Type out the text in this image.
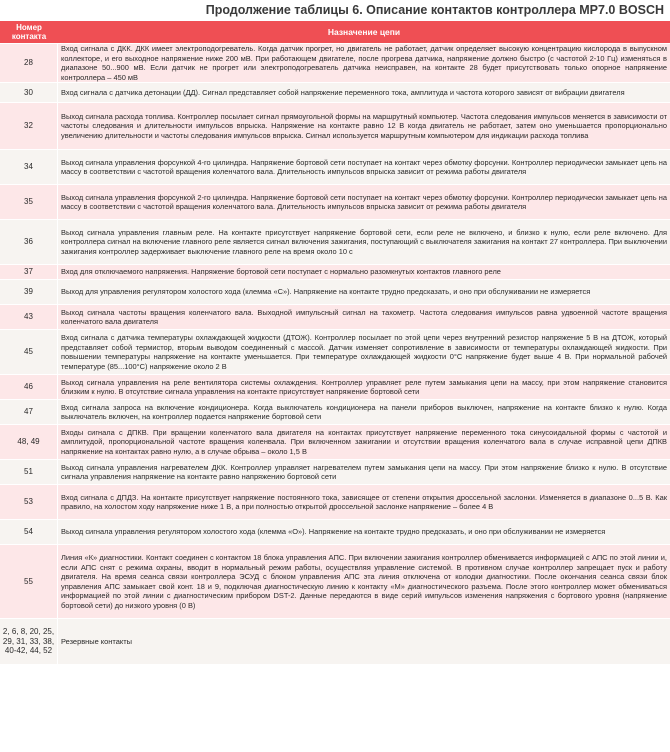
Продолжение таблицы 6. Описание контактов контроллера МР7.0 BOSCH
Номер контакта	Назначение цепи
28	Вход сигнала с ДКК. ДКК имеет электроподогреватель. Когда датчик прогрет, но двигатель не работает, датчик определяет высокую концентрацию кислорода в выпускном коллекторе, и его выходное напряжение ниже 200 мВ. При работающем двигателе, после прогрева датчика, напряжение должно быстро (с частотой 2-10 Гц) изменяться в диапазоне 50...900 мВ. Если датчик не прогрет или электроподогреватель датчика неисправен, на контакте 28 будет присутствовать только опорное напряжение контроллера – 450 мВ
30	Вход сигнала с датчика детонации (ДД). Сигнал представляет собой напряжение переменного тока, амплитуда и частота которого зависят от вибрации двигателя
32	Выход сигнала расхода топлива. Контроллер посылает сигнал прямоугольной формы на маршрутный компьютер. Частота следования импульсов меняется в зависимости от частоты следования и длительности импульсов впрыска. Напряжение на контакте равно 12 В когда двигатель не работает, затем оно уменьшается пропорционально увеличению длительности и частоты следования импульсов впрыска. Сигнал используется маршрутным компьютером для индикации расхода топлива
34	Выход сигнала управления форсункой 4-го цилиндра. Напряжение бортовой сети поступает на контакт через обмотку форсунки. Контроллер периодически замыкает цепь на массу в соответствии с частотой вращения коленчатого вала. Длительность импульсов впрыска зависит от режима работы двигателя
35	Выход сигнала управления форсункой 2-го цилиндра. Напряжение бортовой сети поступает на контакт через обмотку форсунки. Контроллер периодически замыкает цепь на массу в соответствии с частотой вращения коленчатого вала. Длительность импульсов впрыска зависит от режима работы двигателя
36	Выход сигнала управления главным реле. На контакте присутствует напряжение бортовой сети, если реле не включено, и близко к нулю, если реле включено. Для контроллера сигнал на включение главного реле является сигнал включения зажигания, поступающий с выключателя зажигания на контакт 27 контроллера. При выключении зажигания контроллер задерживает выключение главного реле на время около 10 с
37	Вход для отключаемого напряжения. Напряжение бортовой сети поступает с нормально разомкнутых контактов главного реле
39	Выход для управления регулятором холостого хода (клемма «С»). Напряжение на контакте трудно предсказать, и оно при обслуживании не измеряется
43	Выход сигнала частоты вращения коленчатого вала. Выходной импульсный сигнал на тахометр. Частота следования импульсов равна удвоенной частоте вращения коленчатого вала двигателя
45	Вход сигнала с датчика температуры охлаждающей жидкости (ДТОЖ). Контроллер посылает по этой цепи через внутренний резистор напряжение 5 В на ДТОЖ, который представляет собой термистор, вторым выводом соединенный с массой. Датчик изменяет сопротивление в зависимости от температуры охлаждающей жидкости. При повышении температуры напряжение на контакте уменьшается. При температуре охлаждающей жидкости 0°С напряжение будет выше 4 В. При нормальной рабочей температуре (85...100°С) напряжение около 2 В
46	Выход сигнала управления на реле вентилятора системы охлаждения. Контроллер управляет реле путем замыкания цепи на массу, при этом напряжение становится близким к нулю. В отсутствие сигнала управления на контакте присутствует напряжение бортовой сети
47	Вход сигнала запроса на включение кондиционера. Когда выключатель кондиционера на панели приборов выключен, напряжение на контакте близко к нулю. Когда выключатель включен, на контроллер подается напряжение бортовой сети
48, 49	Входы сигнала с ДПКВ. При вращении коленчатого вала двигателя на контактах присутствует напряжение переменного тока синусоидальной формы с частотой и амплитудой, пропорциональной частоте вращения коленвала. При включенном зажигании и отсутствии вращения коленчатого вала в случае исправной цепи ДПКВ напряжение на контактах равно нулю, а в случае обрыва – около 1,5 В
51	Выход сигнала управления нагревателем ДКК. Контроллер управляет нагревателем путем замыкания цепи на массу. При этом напряжение близко к нулю. В отсутствие сигнала управления напряжение на контакте равно напряжению бортовой сети
53	Вход сигнала с ДПДЗ. На контакте присутствует напряжение постоянного тока, зависящее от степени открытия дроссельной заслонки. Изменяется в диапазоне 0...5 В. Как правило, на холостом ходу напряжение ниже 1 В, а при полностью открытой дроссельной заслонке напряжение – более 4 В
54	Выход сигнала управления регулятором холостого хода (клемма «О»). Напряжение на контакте трудно предсказать, и оно при обслуживании не измеряется
55	Линия «К» диагностики. Контакт соединен с контактом 18 блока управления АПС. При включении зажигания контроллер обменивается информацией с АПС по этой линии и, если АПС снят с режима охраны, вводит в нормальный режим работы, осуществляя управление системой. В противном случае контроллер запрещает пуск и работу двигателя. На время сеанса связи контроллера ЭСУД с блоком управления АПС эта линия отключена от колодки диагностики. После окончания сеанса связи блок управления АПС замыкает свой конт. 18 и 9, подключая диагностическую линию к контакту «М» диагностического разъема. После этого контроллер может обмениваться информацией по этой линии с диагностическим прибором DST-2. Данные передаются в виде серий импульсов изменения напряжения с бортового уровня (напряжение бортовой сети) до низкого уровня (0 В)
2, 6, 8, 20, 25, 29, 31, 33, 38, 40-42, 44, 52	Резервные контакты
